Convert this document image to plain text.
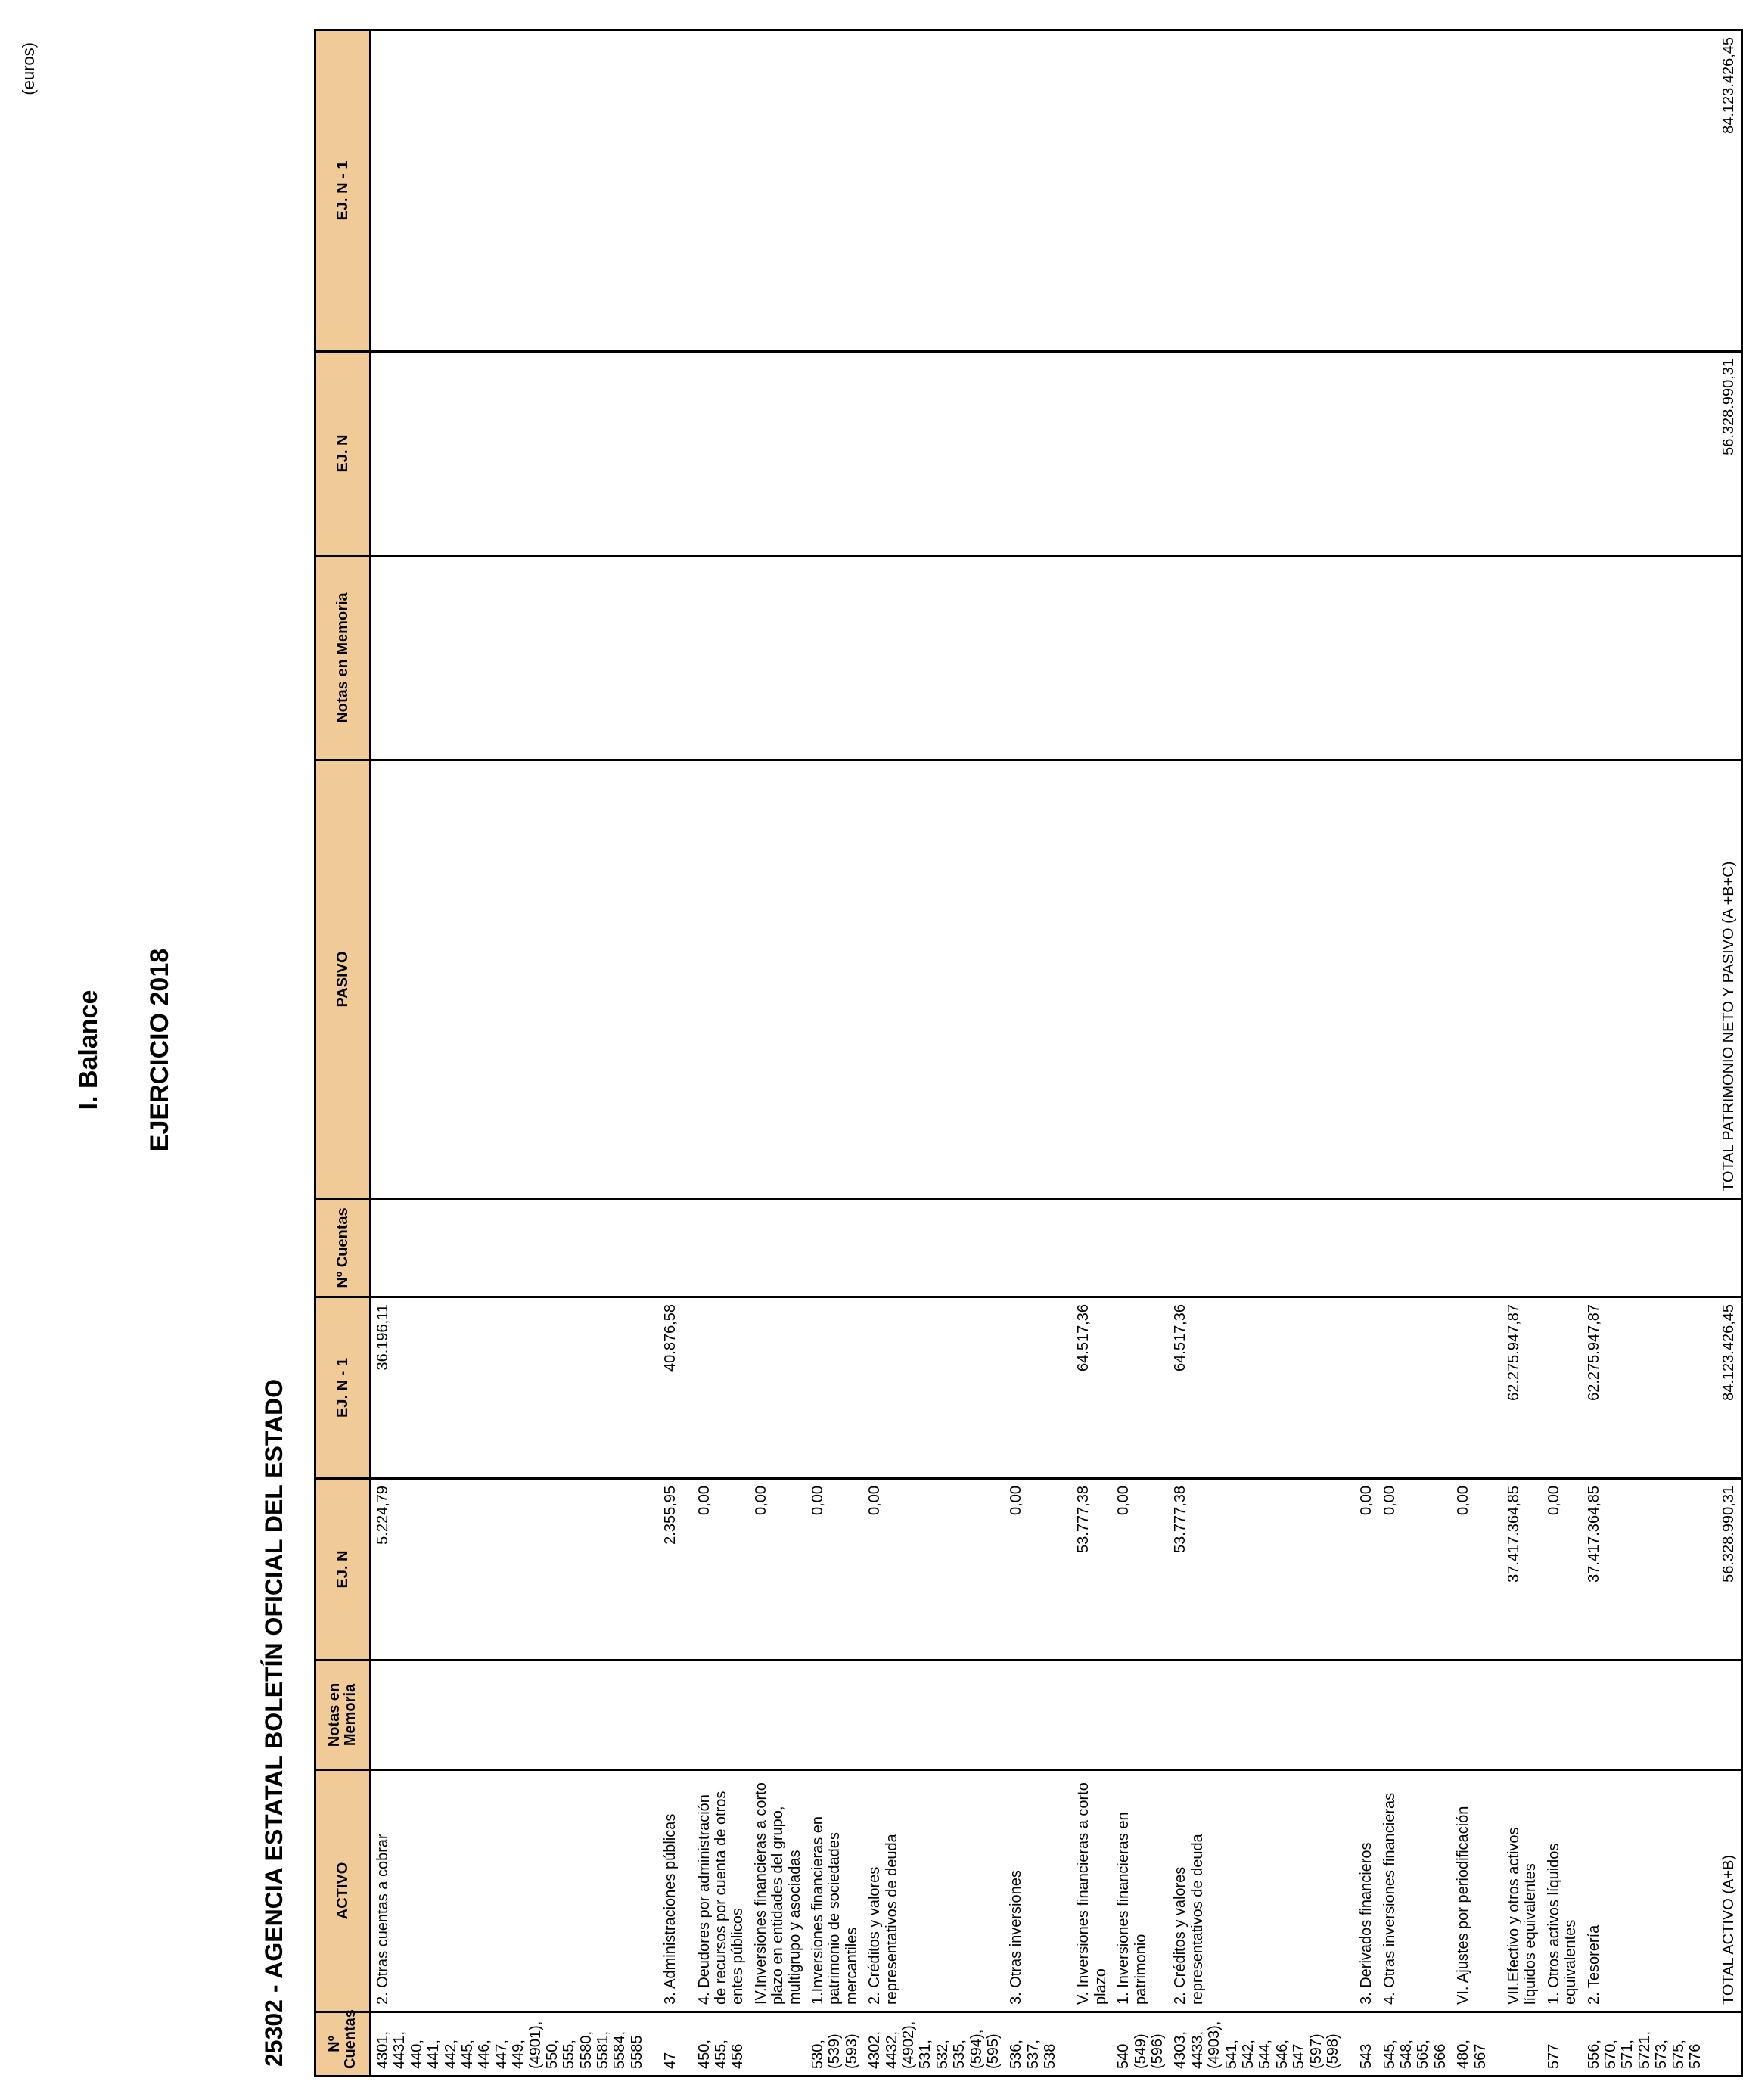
I. Balance EJERCICIO 2018
25302 - AGENCIA ESTATAL BOLETÍN OFICIAL DEL ESTADO
(euros)
Nº Cuentas	ACTIVO	Notas en Memoria	EJ. N	EJ. N - 1	Nº Cuentas	PASIVO	Notas en Memoria	EJ. N	EJ. N - 1
4301, 4431, 440, 441, 442, 445, 446, 447, 449, (4901), 550, 555, 5580, 5581, 5584, 5585	2. Otras cuentas a cobrar		5.224,79	36.196,11					
47	3. Administraciones públicas		2.355,95	40.876,58					
450, 455, 456	4. Deudores por administración de recursos por cuenta de otros entes públicos		0,00						
	IV.Inversiones financieras a corto plazo en entidades del grupo, multigrupo y asociadas		0,00						
530, (539) (593)	1.Inversiones financieras en patrimonio de sociedades mercantiles		0,00						
4302, 4432, (4902), 531, 532, 535, (594), (595)	2. Créditos y valores representativos de deuda		0,00						
536, 537, 538	3. Otras inversiones		0,00						
	V. Inversiones financieras a corto plazo		53.777,38	64.517,36					
540 (549) (596)	1. Inversiones financieras en patrimonio		0,00						
4303, 4433, (4903), 541, 542, 544, 546, 547 (597) (598)	2. Créditos y valores representativos de deuda		53.777,38	64.517,36					
543	3. Derivados financieros		0,00						
545, 548, 565, 566	4. Otras inversiones financieras		0,00						
480, 567	VI. Ajustes por periodificación		0,00						
	VII.Efectivo y otros activos líquidos equivalentes		37.417.364,85	62.275.947,87					
577	1. Otros activos líquidos equivalentes		0,00						
556, 570, 571, 5721, 573, 575, 576	2. Tesorería		37.417.364,85	62.275.947,87					
	TOTAL ACTIVO (A+B)		56.328.990,31	84.123.426,45		TOTAL PATRIMONIO NETO Y PASIVO (A +B+C)		56.328.990,31	84.123.426,45
